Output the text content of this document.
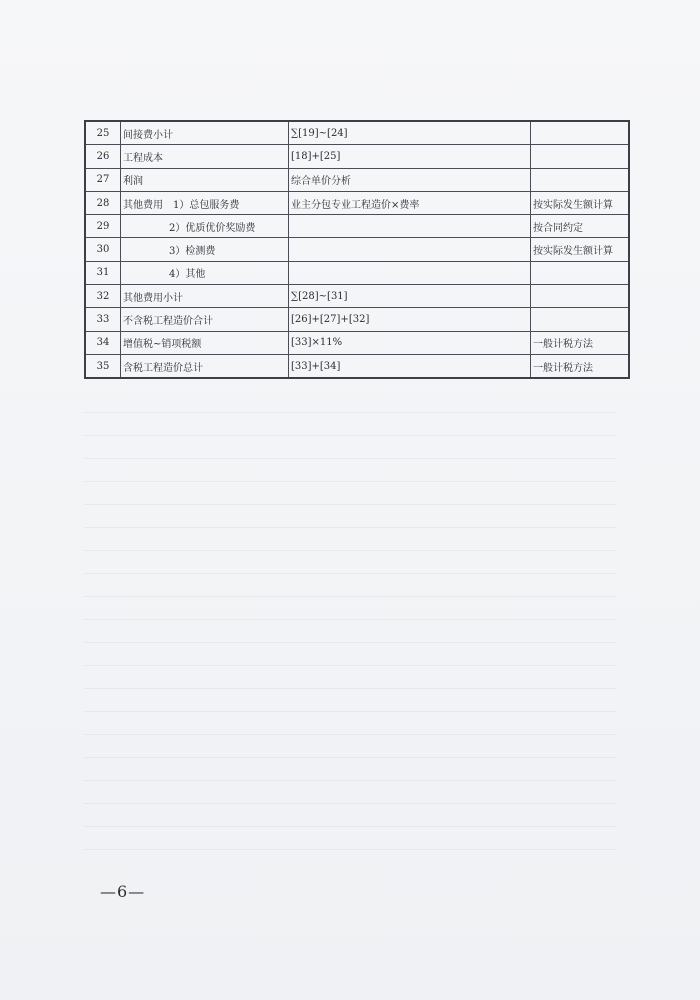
25	间接费小计	∑[19]~[24]	
26	工程成本	[18]+[25]	
27	利润	综合单价分析	
28	其他费用　1）总包服务费	业主分包专业工程造价×费率	按实际发生额计算
29	2）优质优价奖励费		按合同约定
30	3）检测费		按实际发生额计算
31	4）其他		
32	其他费用小计	∑[28]~[31]	
33	不含税工程造价合计	[26]+[27]+[32]	
34	增值税~销项税额	[33]×11%	一般计税方法
35	含税工程造价总计	[33]+[34]	一般计税方法
—6—
